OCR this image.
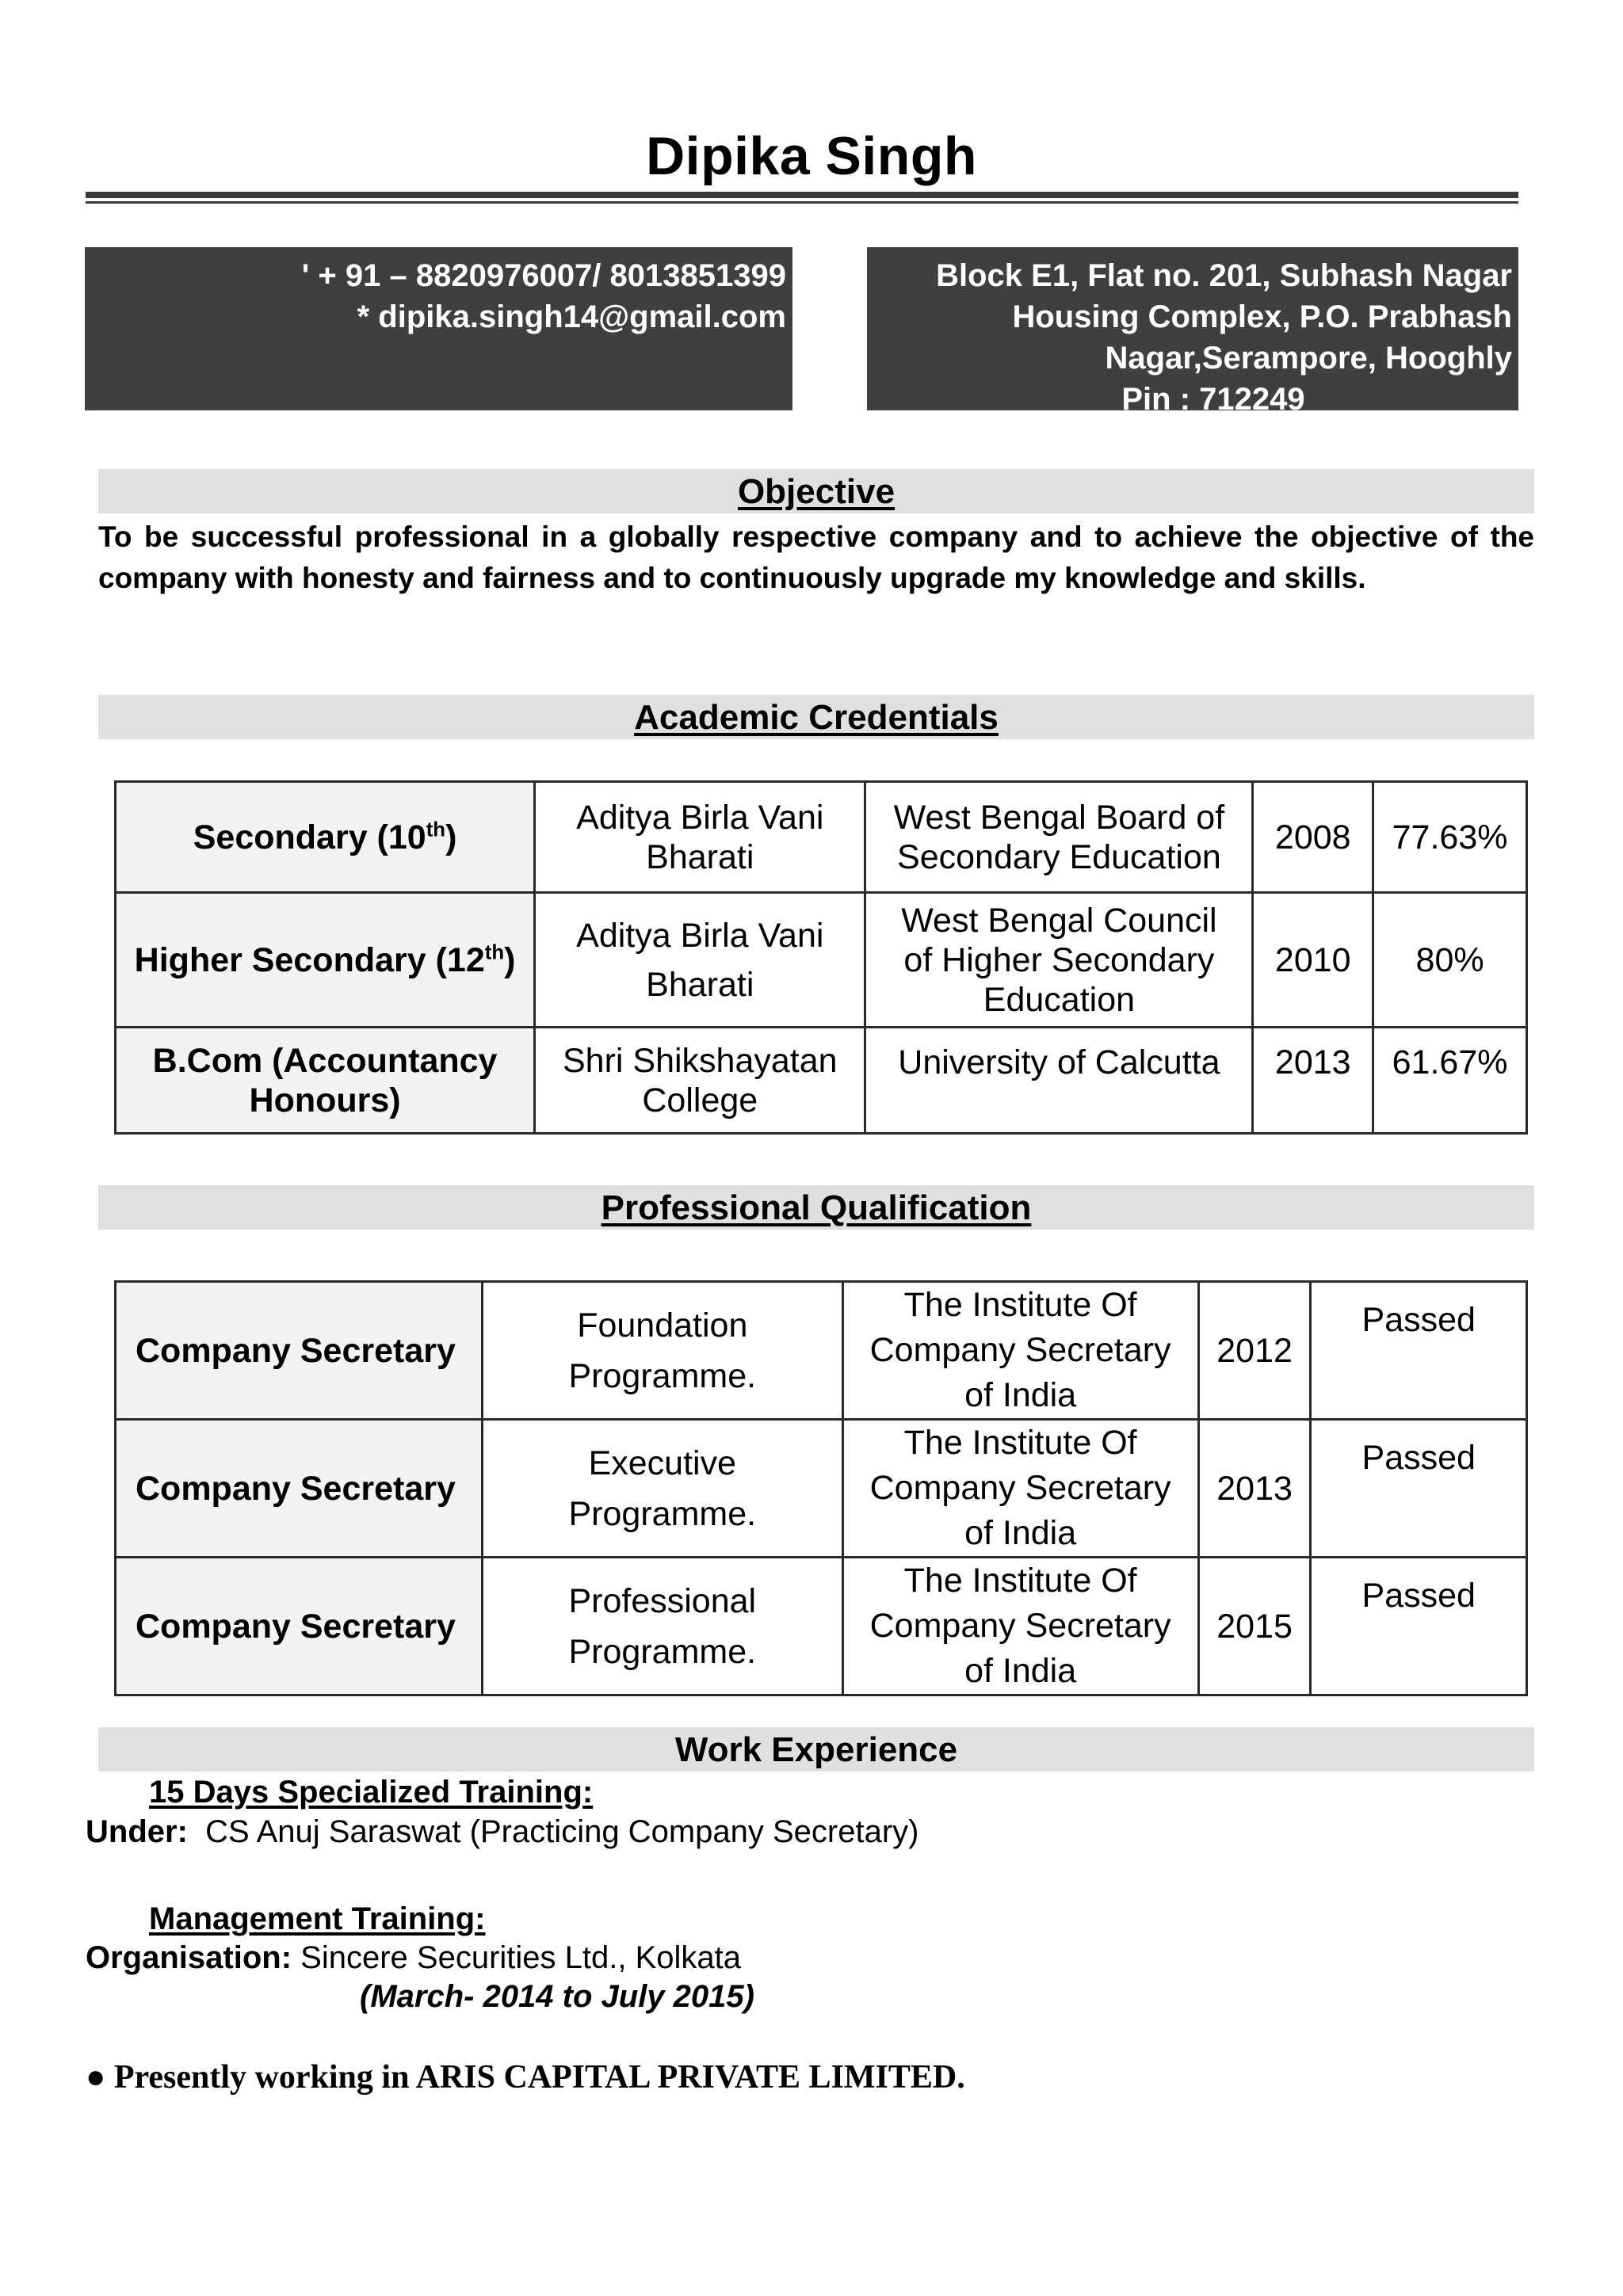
Dipika Singh
' + 91 – 8820976007/ 8013851399
* dipika.singh14@gmail.com
Block E1, Flat no. 201, Subhash Nagar
Housing Complex, P.O. Prabhash
Nagar,Serampore, Hooghly
Pin : 712249
Objective
To be successful professional in a globally respective company and to achieve the objective of the company with honesty and fairness and to continuously upgrade my knowledge and skills.
Academic Credentials
Secondary (10th)	Aditya Birla Vani Bharati	West Bengal Board of Secondary Education	2008	77.63%
Higher Secondary (12th)	Aditya Birla Vani Bharati	West Bengal Council of Higher Secondary Education	2010	80%
B.Com (Accountancy Honours)	Shri Shikshayatan College	University of Calcutta	2013	61.67%
Professional Qualification
Company Secretary	Foundation Programme.	The Institute Of Company Secretary of India	2012	Passed
Company Secretary	Executive Programme.	The Institute Of Company Secretary of India	2013	Passed
Company Secretary	Professional Programme.	The Institute Of Company Secretary of India	2015	Passed
Work Experience
15 Days Specialized Training:
Under: CS Anuj Saraswat (Practicing Company Secretary)
Management Training:
Organisation: Sincere Securities Ltd., Kolkata
(March- 2014 to July 2015)
● Presently working in ARIS CAPITAL PRIVATE LIMITED.
